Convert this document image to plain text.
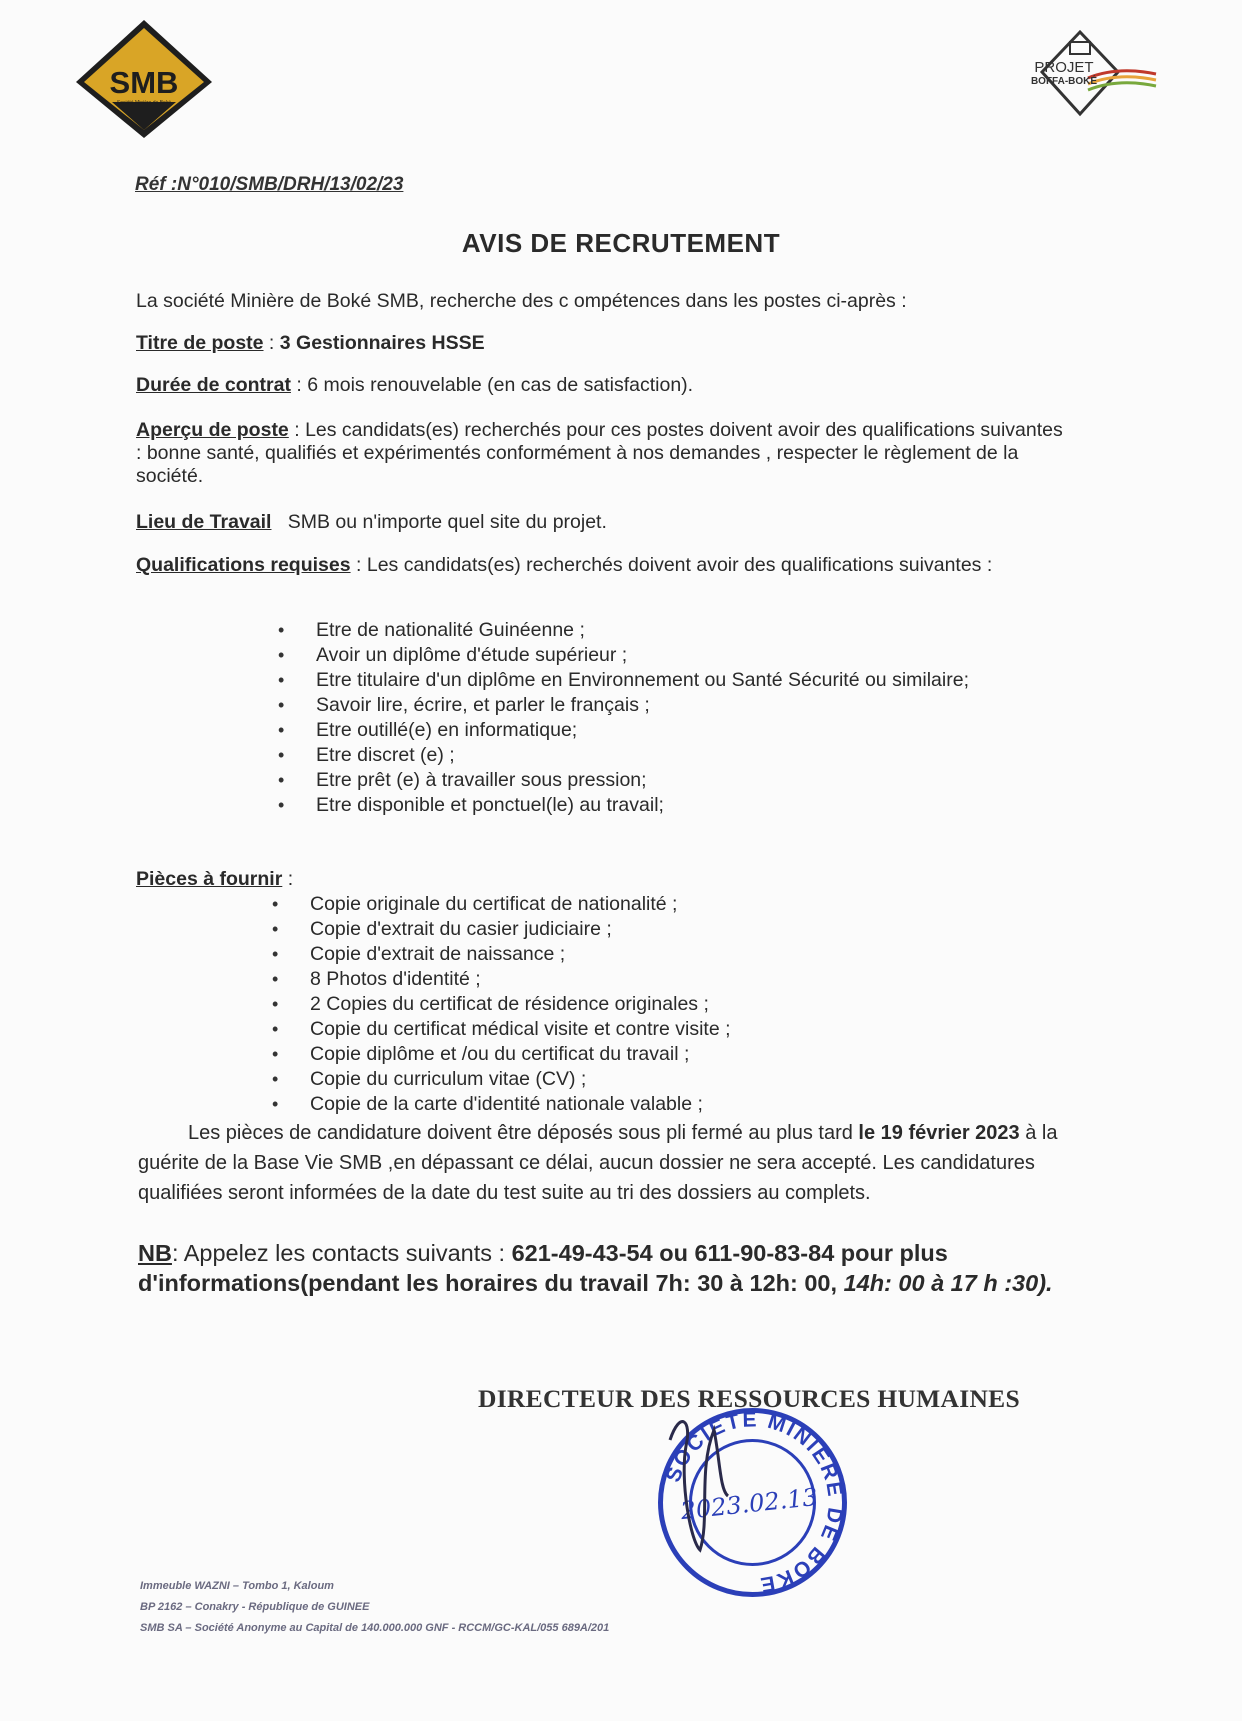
SMB
Société Minière de Boké
PROJET
BOFFA-BOKÉ
Réf :N°010/SMB/DRH/13/02/23
AVIS DE RECRUTEMENT
La société Minière de Boké SMB, recherche des c ompétences dans les postes ci-après :
Titre de poste : 3 Gestionnaires HSSE
Durée de contrat : 6 mois renouvelable (en cas de satisfaction).
Aperçu de poste : Les candidats(es) recherchés pour ces postes doivent avoir des qualifications suivantes : bonne santé, qualifiés et expérimentés conformément à nos demandes , respecter le règlement de la société.
Lieu de Travail SMB ou n'importe quel site du projet.
Qualifications requises : Les candidats(es) recherchés doivent avoir des qualifications suivantes :
• Etre de nationalité Guinéenne ;
• Avoir un diplôme d'étude supérieur ;
• Etre titulaire d'un diplôme en Environnement ou Santé Sécurité ou similaire;
• Savoir lire, écrire, et parler le français ;
• Etre outillé(e) en informatique;
• Etre discret (e) ;
• Etre prêt (e) à travailler sous pression;
• Etre disponible et ponctuel(le) au travail;
Pièces à fournir :
• Copie originale du certificat de nationalité ;
• Copie d'extrait du casier judiciaire ;
• Copie d'extrait de naissance ;
• 8 Photos d'identité ;
• 2 Copies du certificat de résidence originales ;
• Copie du certificat médical visite et contre visite ;
• Copie diplôme et /ou du certificat du travail ;
• Copie du curriculum vitae (CV) ;
• Copie de la carte d'identité nationale valable ;
Les pièces de candidature doivent être déposés sous pli fermé au plus tard le 19 février 2023 à la guérite de la Base Vie SMB ,en dépassant ce délai, aucun dossier ne sera accepté. Les candidatures qualifiées seront informées de la date du test suite au tri des dossiers au complets.
NB: Appelez les contacts suivants : 621-49-43-54 ou 611-90-83-84 pour plus d'informations(pendant les horaires du travail 7h: 30 à 12h: 00, 14h: 00 à 17 h :30).
DIRECTEUR DES RESSOURCES HUMAINES
SOCIETE MINIERE DE BOKE
2023.02.13
Immeuble WAZNI – Tombo 1, Kaloum
BP 2162 – Conakry - République de GUINEE
SMB SA – Société Anonyme au Capital de 140.000.000 GNF - RCCM/GC-KAL/055 689A/201
